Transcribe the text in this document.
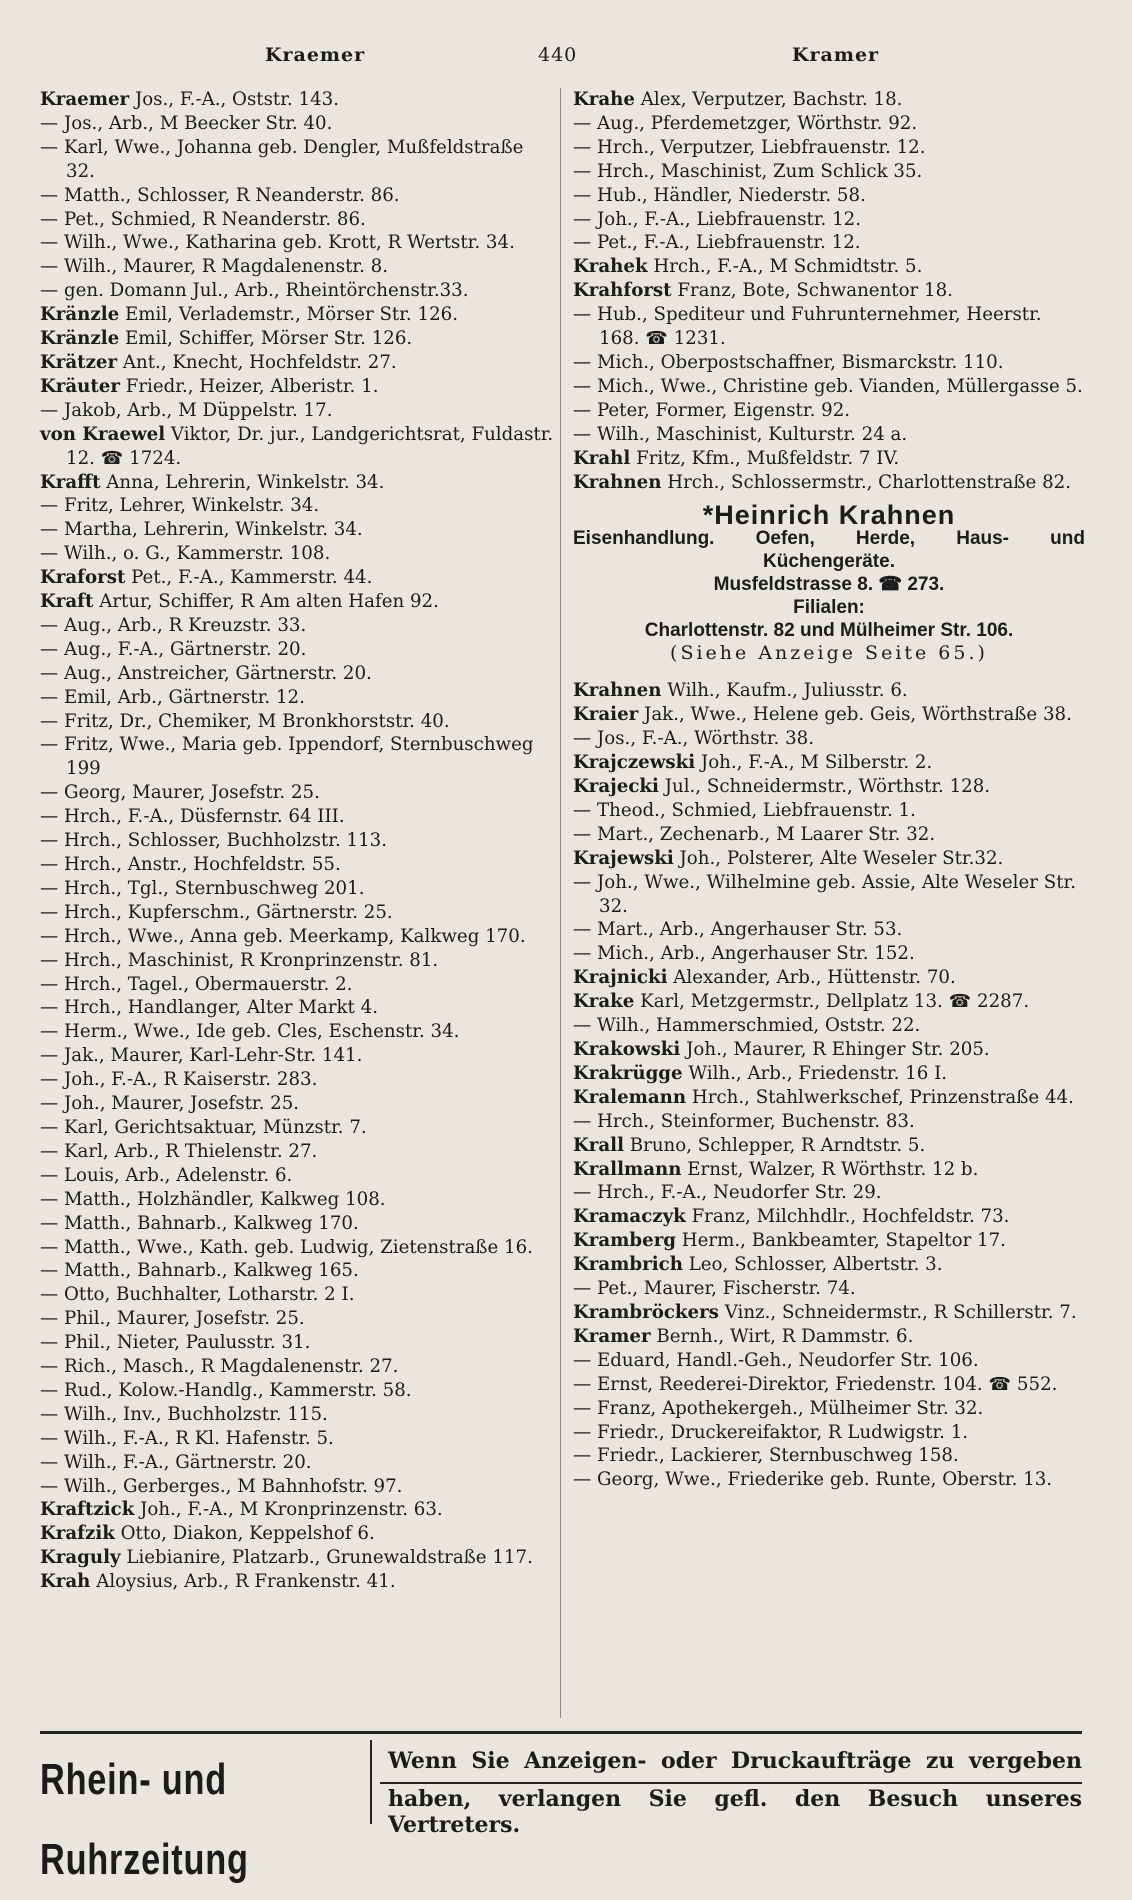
Kraemer	440	Kramer
Kraemer Jos., F.-A., Oststr. 143.
— Jos., Arb., M Beecker Str. 40.
— Karl, Wwe., Johanna geb. Dengler, Mußfeldstraße 32.
— Matth., Schlosser, R Neanderstr. 86.
— Pet., Schmied, R Neanderstr. 86.
— Wilh., Wwe., Katharina geb. Krott, R Wertstr. 34.
— Wilh., Maurer, R Magdalenenstr. 8.
— gen. Domann Jul., Arb., Rheintörchenstr.33.
Kränzle Emil, Verlademstr., Mörser Str. 126.
Kränzle Emil, Schiffer, Mörser Str. 126.
Krätzer Ant., Knecht, Hochfeldstr. 27.
Kräuter Friedr., Heizer, Alberistr. 1.
— Jakob, Arb., M Düppelstr. 17.
von Kraewel Viktor, Dr. jur., Landgerichtsrat, Fuldastr. 12. ☎ 1724.
Krafft Anna, Lehrerin, Winkelstr. 34.
— Fritz, Lehrer, Winkelstr. 34.
— Martha, Lehrerin, Winkelstr. 34.
— Wilh., o. G., Kammerstr. 108.
Kraforst Pet., F.-A., Kammerstr. 44.
Kraft Artur, Schiffer, R Am alten Hafen 92.
— Aug., Arb., R Kreuzstr. 33.
— Aug., F.-A., Gärtnerstr. 20.
— Aug., Anstreicher, Gärtnerstr. 20.
— Emil, Arb., Gärtnerstr. 12.
— Fritz, Dr., Chemiker, M Bronkhorststr. 40.
— Fritz, Wwe., Maria geb. Ippendorf, Sternbuschweg 199
— Georg, Maurer, Josefstr. 25.
— Hrch., F.-A., Düsfernstr. 64 III.
— Hrch., Schlosser, Buchholzstr. 113.
— Hrch., Anstr., Hochfeldstr. 55.
— Hrch., Tgl., Sternbuschweg 201.
— Hrch., Kupferschm., Gärtnerstr. 25.
— Hrch., Wwe., Anna geb. Meerkamp, Kalkweg 170.
— Hrch., Maschinist, R Kronprinzenstr. 81.
— Hrch., Tagel., Obermauerstr. 2.
— Hrch., Handlanger, Alter Markt 4.
— Herm., Wwe., Ide geb. Cles, Eschenstr. 34.
— Jak., Maurer, Karl-Lehr-Str. 141.
— Joh., F.-A., R Kaiserstr. 283.
— Joh., Maurer, Josefstr. 25.
— Karl, Gerichtsaktuar, Münzstr. 7.
— Karl, Arb., R Thielenstr. 27.
— Louis, Arb., Adelenstr. 6.
— Matth., Holzhändler, Kalkweg 108.
— Matth., Bahnarb., Kalkweg 170.
— Matth., Wwe., Kath. geb. Ludwig, Zietenstraße 16.
— Matth., Bahnarb., Kalkweg 165.
— Otto, Buchhalter, Lotharstr. 2 I.
— Phil., Maurer, Josefstr. 25.
— Phil., Nieter, Paulusstr. 31.
— Rich., Masch., R Magdalenenstr. 27.
— Rud., Kolow.-Handlg., Kammerstr. 58.
— Wilh., Inv., Buchholzstr. 115.
— Wilh., F.-A., R Kl. Hafenstr. 5.
— Wilh., F.-A., Gärtnerstr. 20.
— Wilh., Gerberges., M Bahnhofstr. 97.
Kraftzick Joh., F.-A., M Kronprinzenstr. 63.
Krafzik Otto, Diakon, Keppelshof 6.
Kraguly Liebianire, Platzarb., Grunewaldstraße 117.
Krah Aloysius, Arb., R Frankenstr. 41.
Krahe Alex, Verputzer, Bachstr. 18.
— Aug., Pferdemetzger, Wörthstr. 92.
— Hrch., Verputzer, Liebfrauenstr. 12.
— Hrch., Maschinist, Zum Schlick 35.
— Hub., Händler, Niederstr. 58.
— Joh., F.-A., Liebfrauenstr. 12.
— Pet., F.-A., Liebfrauenstr. 12.
Krahek Hrch., F.-A., M Schmidtstr. 5.
Krahforst Franz, Bote, Schwanentor 18.
— Hub., Spediteur und Fuhrunternehmer, Heerstr. 168. ☎ 1231.
— Mich., Oberpostschaffner, Bismarckstr. 110.
— Mich., Wwe., Christine geb. Vianden, Müllergasse 5.
— Peter, Former, Eigenstr. 92.
— Wilh., Maschinist, Kulturstr. 24 a.
Krahl Fritz, Kfm., Mußfeldstr. 7 IV.
Krahnen Hrch., Schlossermstr., Charlottenstraße 82.
*Heinrich Krahnen
Eisenhandlung. Oefen, Herde, Haus- und
Küchengeräte.
Musfeldstrasse 8. ☎ 273.
Filialen:
Charlottenstr. 82 und Mülheimer Str. 106.
(Siehe Anzeige Seite 65.)
Krahnen Wilh., Kaufm., Juliusstr. 6.
Kraier Jak., Wwe., Helene geb. Geis, Wörthstraße 38.
— Jos., F.-A., Wörthstr. 38.
Krajczewski Joh., F.-A., M Silberstr. 2.
Krajecki Jul., Schneidermstr., Wörthstr. 128.
— Theod., Schmied, Liebfrauenstr. 1.
— Mart., Zechenarb., M Laarer Str. 32.
Krajewski Joh., Polsterer, Alte Weseler Str.32.
— Joh., Wwe., Wilhelmine geb. Assie, Alte Weseler Str. 32.
— Mart., Arb., Angerhauser Str. 53.
— Mich., Arb., Angerhauser Str. 152.
Krajnicki Alexander, Arb., Hüttenstr. 70.
Krake Karl, Metzgermstr., Dellplatz 13. ☎ 2287.
— Wilh., Hammerschmied, Oststr. 22.
Krakowski Joh., Maurer, R Ehinger Str. 205.
Krakrügge Wilh., Arb., Friedenstr. 16 I.
Kralemann Hrch., Stahlwerkschef, Prinzenstraße 44.
— Hrch., Steinformer, Buchenstr. 83.
Krall Bruno, Schlepper, R Arndtstr. 5.
Krallmann Ernst, Walzer, R Wörthstr. 12 b.
— Hrch., F.-A., Neudorfer Str. 29.
Kramaczyk Franz, Milchhdlr., Hochfeldstr. 73.
Kramberg Herm., Bankbeamter, Stapeltor 17.
Krambrich Leo, Schlosser, Albertstr. 3.
— Pet., Maurer, Fischerstr. 74.
Krambröckers Vinz., Schneidermstr., R Schillerstr. 7.
Kramer Bernh., Wirt, R Dammstr. 6.
— Eduard, Handl.-Geh., Neudorfer Str. 106.
— Ernst, Reederei-Direktor, Friedenstr. 104. ☎ 552.
— Franz, Apothekergeh., Mülheimer Str. 32.
— Friedr., Druckereifaktor, R Ludwigstr. 1.
— Friedr., Lackierer, Sternbuschweg 158.
— Georg, Wwe., Friederike geb. Runte, Oberstr. 13.
Rhein- und Ruhrzeitung
Wenn Sie Anzeigen- oder Druckaufträge zu vergeben
haben, verlangen Sie gefl. den Besuch unseres Vertreters.
